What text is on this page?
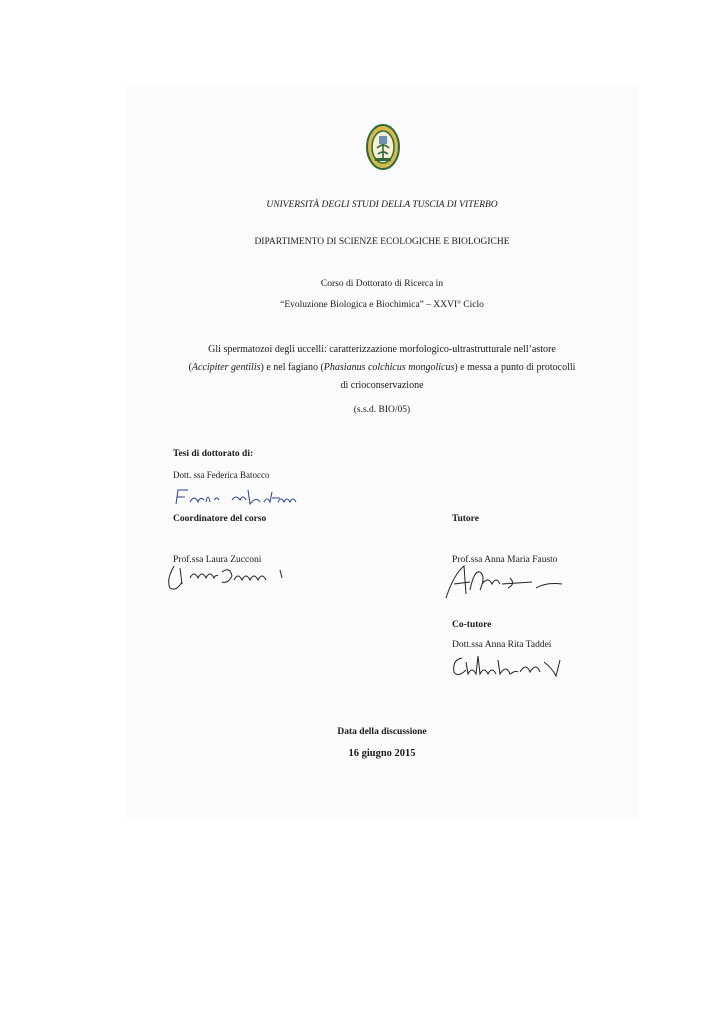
UNIVERSITÀ DEGLI STUDI DELLA TUSCIA DI VITERBO
DIPARTIMENTO DI SCIENZE ECOLOGICHE E BIOLOGICHE
Corso di Dottorato di Ricerca in
“Evoluzione Biologica e Biochimica” – XXVI° Ciclo
Gli spermatozoi degli uccelli: caratterizzazione morfologico-ultrastrutturale nell’astore
(Accipiter gentilis) e nel fagiano (Phasianus colchicus mongolicus) e messa a punto di protocolli
di crioconservazione
(s.s.d. BIO/05)
Tesi di dottorato di:
Dott. ssa Federica Batocco
Coordinatore del corso	Tutore
Prof.ssa Laura Zucconi	Prof.ssa Anna Maria Fausto
Co-tutore
Dott.ssa Anna Rita Taddei
Data della discussione
16 giugno 2015
